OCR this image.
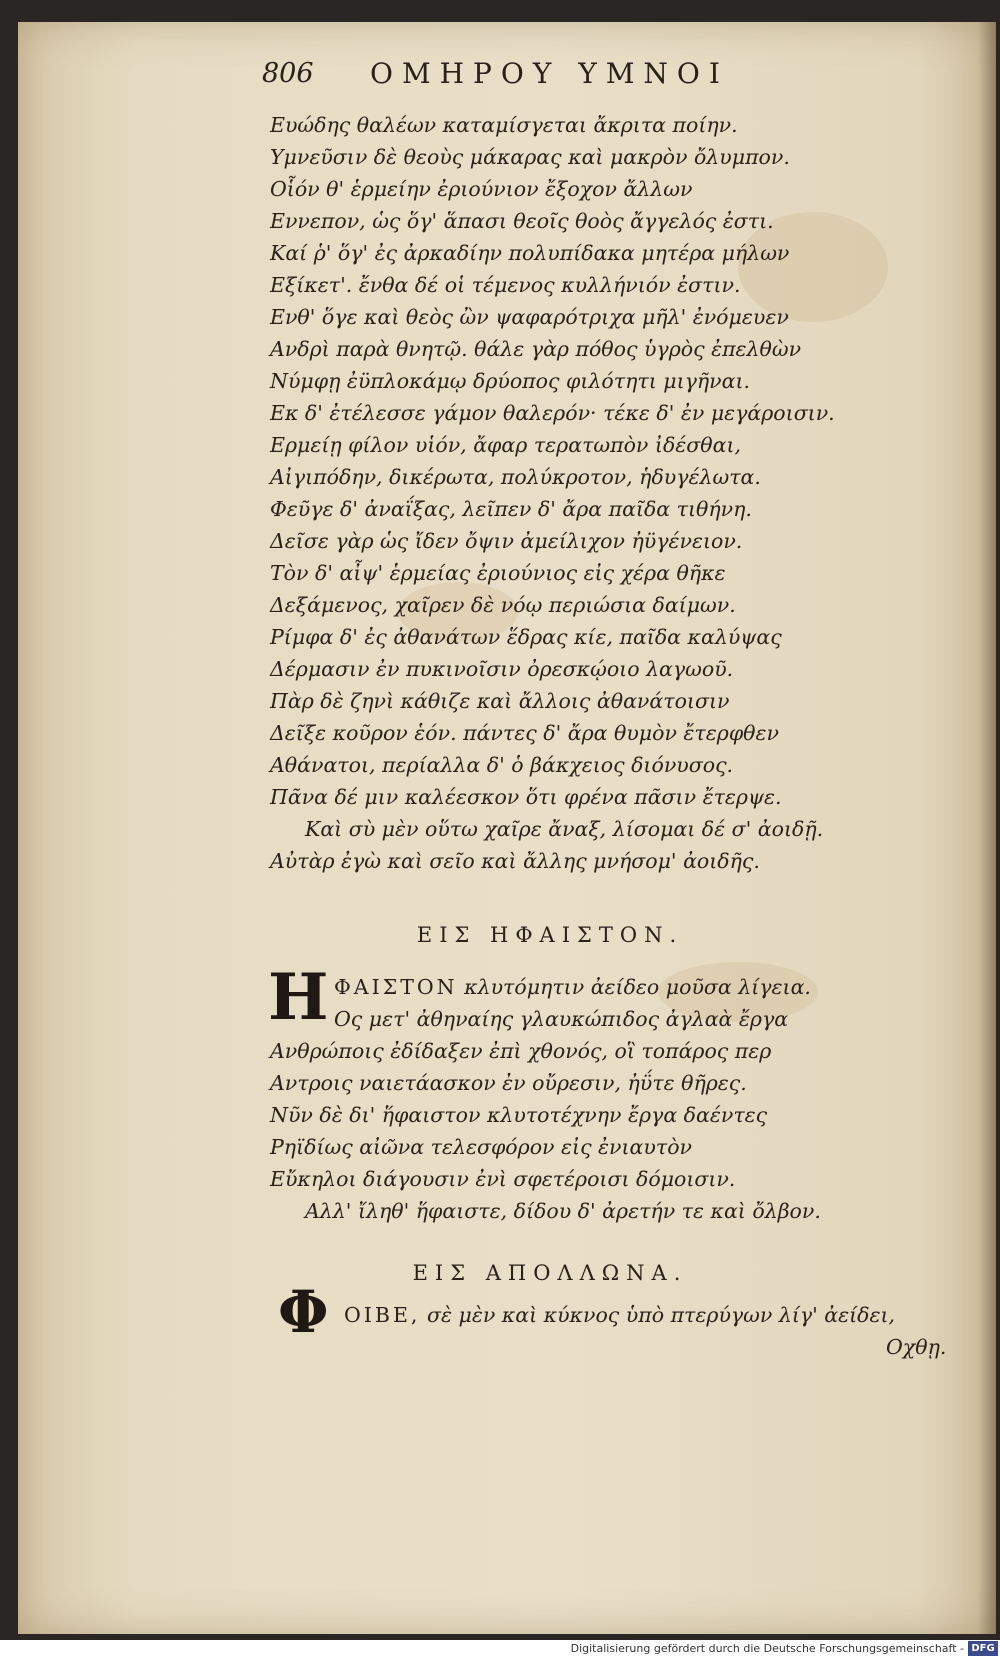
806 ΟΜΗΡΟΥ ΥΜΝΟΙ
Ευώδης θαλέων καταμίσγεται ἄκριτα ποίην.
Υμνεῦσιν δὲ θεοὺς μάκαρας καὶ μακρὸν ὄλυμπον.
Οἷόν θ' ἑρμείην ἐριούνιον ἔξοχον ἄλλων
Εννεπον, ὡς ὅγ' ἅπασι θεοῖς θοὸς ἄγγελός ἐστι.
Καί ῥ' ὅγ' ἐς ἀρκαδίην πολυπίδακα μητέρα μήλων
Εξίκετ'. ἔνθα δέ οἱ τέμενος κυλλήνιόν ἐστιν.
Ενθ' ὅγε καὶ θεὸς ὢν ψαφαρότριχα μῆλ' ἐνόμευεν
Ανδρὶ παρὰ θνητῷ. θάλε γὰρ πόθος ὑγρὸς ἐπελθὼν
Νύμφῃ ἐϋπλοκάμῳ δρύοπος φιλότητι μιγῆναι.
Εκ δ' ἐτέλεσσε γάμον θαλερόν· τέκε δ' ἐν μεγάροισιν.
Ερμείῃ φίλον υἱόν, ἄφαρ τερατωπὸν ἰδέσθαι,
Αἰγιπόδην, δικέρωτα, πολύκροτον, ἡδυγέλωτα.
Φεῦγε δ' ἀναΐξας, λεῖπεν δ' ἄρα παῖδα τιθήνη.
Δεῖσε γὰρ ὡς ἴδεν ὄψιν ἀμείλιχον ἠϋγένειον.
Τὸν δ' αἶψ' ἑρμείας ἐριούνιος εἰς χέρα θῆκε
Δεξάμενος, χαῖρεν δὲ νόῳ περιώσια δαίμων.
Ρίμφα δ' ἐς ἀθανάτων ἕδρας κίε, παῖδα καλύψας
Δέρμασιν ἐν πυκινοῖσιν ὀρεσκῴοιο λαγωοῦ.
Πὰρ δὲ ζηνὶ κάθιζε καὶ ἄλλοις ἀθανάτοισιν
Δεῖξε κοῦρον ἑόν. πάντες δ' ἄρα θυμὸν ἔτερφθεν
Αθάνατοι, περίαλλα δ' ὁ βάκχειος διόνυσος.
Πᾶνα δέ μιν καλέεσκον ὅτι φρένα πᾶσιν ἔτερψε.
Καὶ σὺ μὲν οὕτω χαῖρε ἄναξ, λίσομαι δέ σ' ἀοιδῇ.
Αὐτὰρ ἐγὼ καὶ σεῖο καὶ ἄλλης μνήσομ' ἀοιδῆς.
ΕΙΣ ΗΦΑΙΣΤΟΝ.
Η ΦΑΙΣΤΟΝ κλυτόμητιν ἀείδεο μοῦσα λίγεια.
Ος μετ' ἀθηναίης γλαυκώπιδος ἀγλαὰ ἔργα
Ανθρώποις ἐδίδαξεν ἐπὶ χθονός, οἳ τοπάρος περ
Αντροις ναιετάασκον ἐν οὔρεσιν, ἠΰτε θῆρες.
Νῦν δὲ δι' ἥφαιστον κλυτοτέχνην ἔργα δαέντες
Ρηϊδίως αἰῶνα τελεσφόρον εἰς ἐνιαυτὸν
Εὔκηλοι διάγουσιν ἐνὶ σφετέροισι δόμοισιν.
Αλλ' ἴληθ' ἥφαιστε, δίδου δ' ἀρετήν τε καὶ ὄλβον.
ΕΙΣ ΑΠΟΛΛΩΝΑ.
Φ ΟΙΒΕ, σὲ μὲν καὶ κύκνος ὑπὸ πτερύγων λίγ' ἀείδει,
Οχθῃ.
Digitalisierung gefördert durch die Deutsche Forschungsgemeinschaft - DFG
